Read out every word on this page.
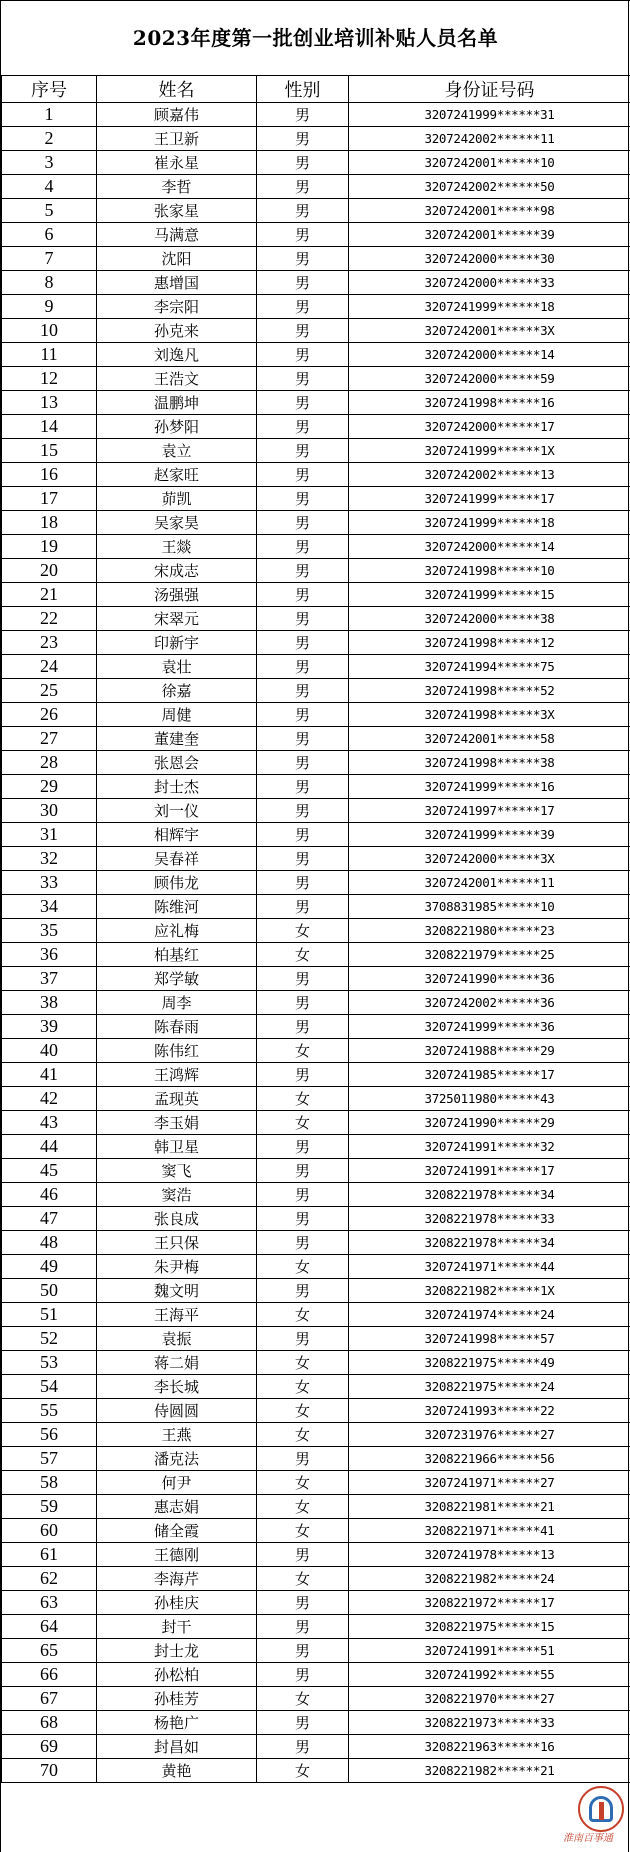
2023年度第一批创业培训补贴人员名单
序号	姓名	性别	身份证号码
1	顾嘉伟	男	3207241999******31
2	王卫新	男	3207242002******11
3	崔永星	男	3207242001******10
4	李哲	男	3207242002******50
5	张家星	男	3207242001******98
6	马满意	男	3207242001******39
7	沈阳	男	3207242000******30
8	惠增国	男	3207242000******33
9	李宗阳	男	3207241999******18
10	孙克来	男	3207242001******3X
11	刘逸凡	男	3207242000******14
12	王浩文	男	3207242000******59
13	温鹏坤	男	3207241998******16
14	孙梦阳	男	3207242000******17
15	袁立	男	3207241999******1X
16	赵家旺	男	3207242002******13
17	茆凯	男	3207241999******17
18	吴家昊	男	3207241999******18
19	王燚	男	3207242000******14
20	宋成志	男	3207241998******10
21	汤强强	男	3207241999******15
22	宋翠元	男	3207242000******38
23	印新宇	男	3207241998******12
24	袁壮	男	3207241994******75
25	徐嘉	男	3207241998******52
26	周健	男	3207241998******3X
27	董建奎	男	3207242001******58
28	张恩会	男	3207241998******38
29	封士杰	男	3207241999******16
30	刘一仪	男	3207241997******17
31	相辉宇	男	3207241999******39
32	吴春祥	男	3207242000******3X
33	顾伟龙	男	3207242001******11
34	陈维河	男	3708831985******10
35	应礼梅	女	3208221980******23
36	柏基红	女	3208221979******25
37	郑学敏	男	3207241990******36
38	周李	男	3207242002******36
39	陈春雨	男	3207241999******36
40	陈伟红	女	3207241988******29
41	王鸿辉	男	3207241985******17
42	孟现英	女	3725011980******43
43	李玉娟	女	3207241990******29
44	韩卫星	男	3207241991******32
45	窦飞	男	3207241991******17
46	窦浩	男	3208221978******34
47	张良成	男	3208221978******33
48	王只保	男	3208221978******34
49	朱尹梅	女	3207241971******44
50	魏文明	男	3208221982******1X
51	王海平	女	3207241974******24
52	袁振	男	3207241998******57
53	蒋二娟	女	3208221975******49
54	李长城	女	3208221975******24
55	侍圆圆	女	3207241993******22
56	王燕	女	3207231976******27
57	潘克法	男	3208221966******56
58	何尹	女	3207241971******27
59	惠志娟	女	3208221981******21
60	储全霞	女	3208221971******41
61	王德刚	男	3207241978******13
62	李海芹	女	3208221982******24
63	孙桂庆	男	3208221972******17
64	封干	男	3208221975******15
65	封士龙	男	3207241991******51
66	孙松柏	男	3207241992******55
67	孙桂芳	女	3208221970******27
68	杨艳广	男	3208221973******33
69	封昌如	男	3208221963******16
70	黄艳	女	3208221982******21
淮南百事通
